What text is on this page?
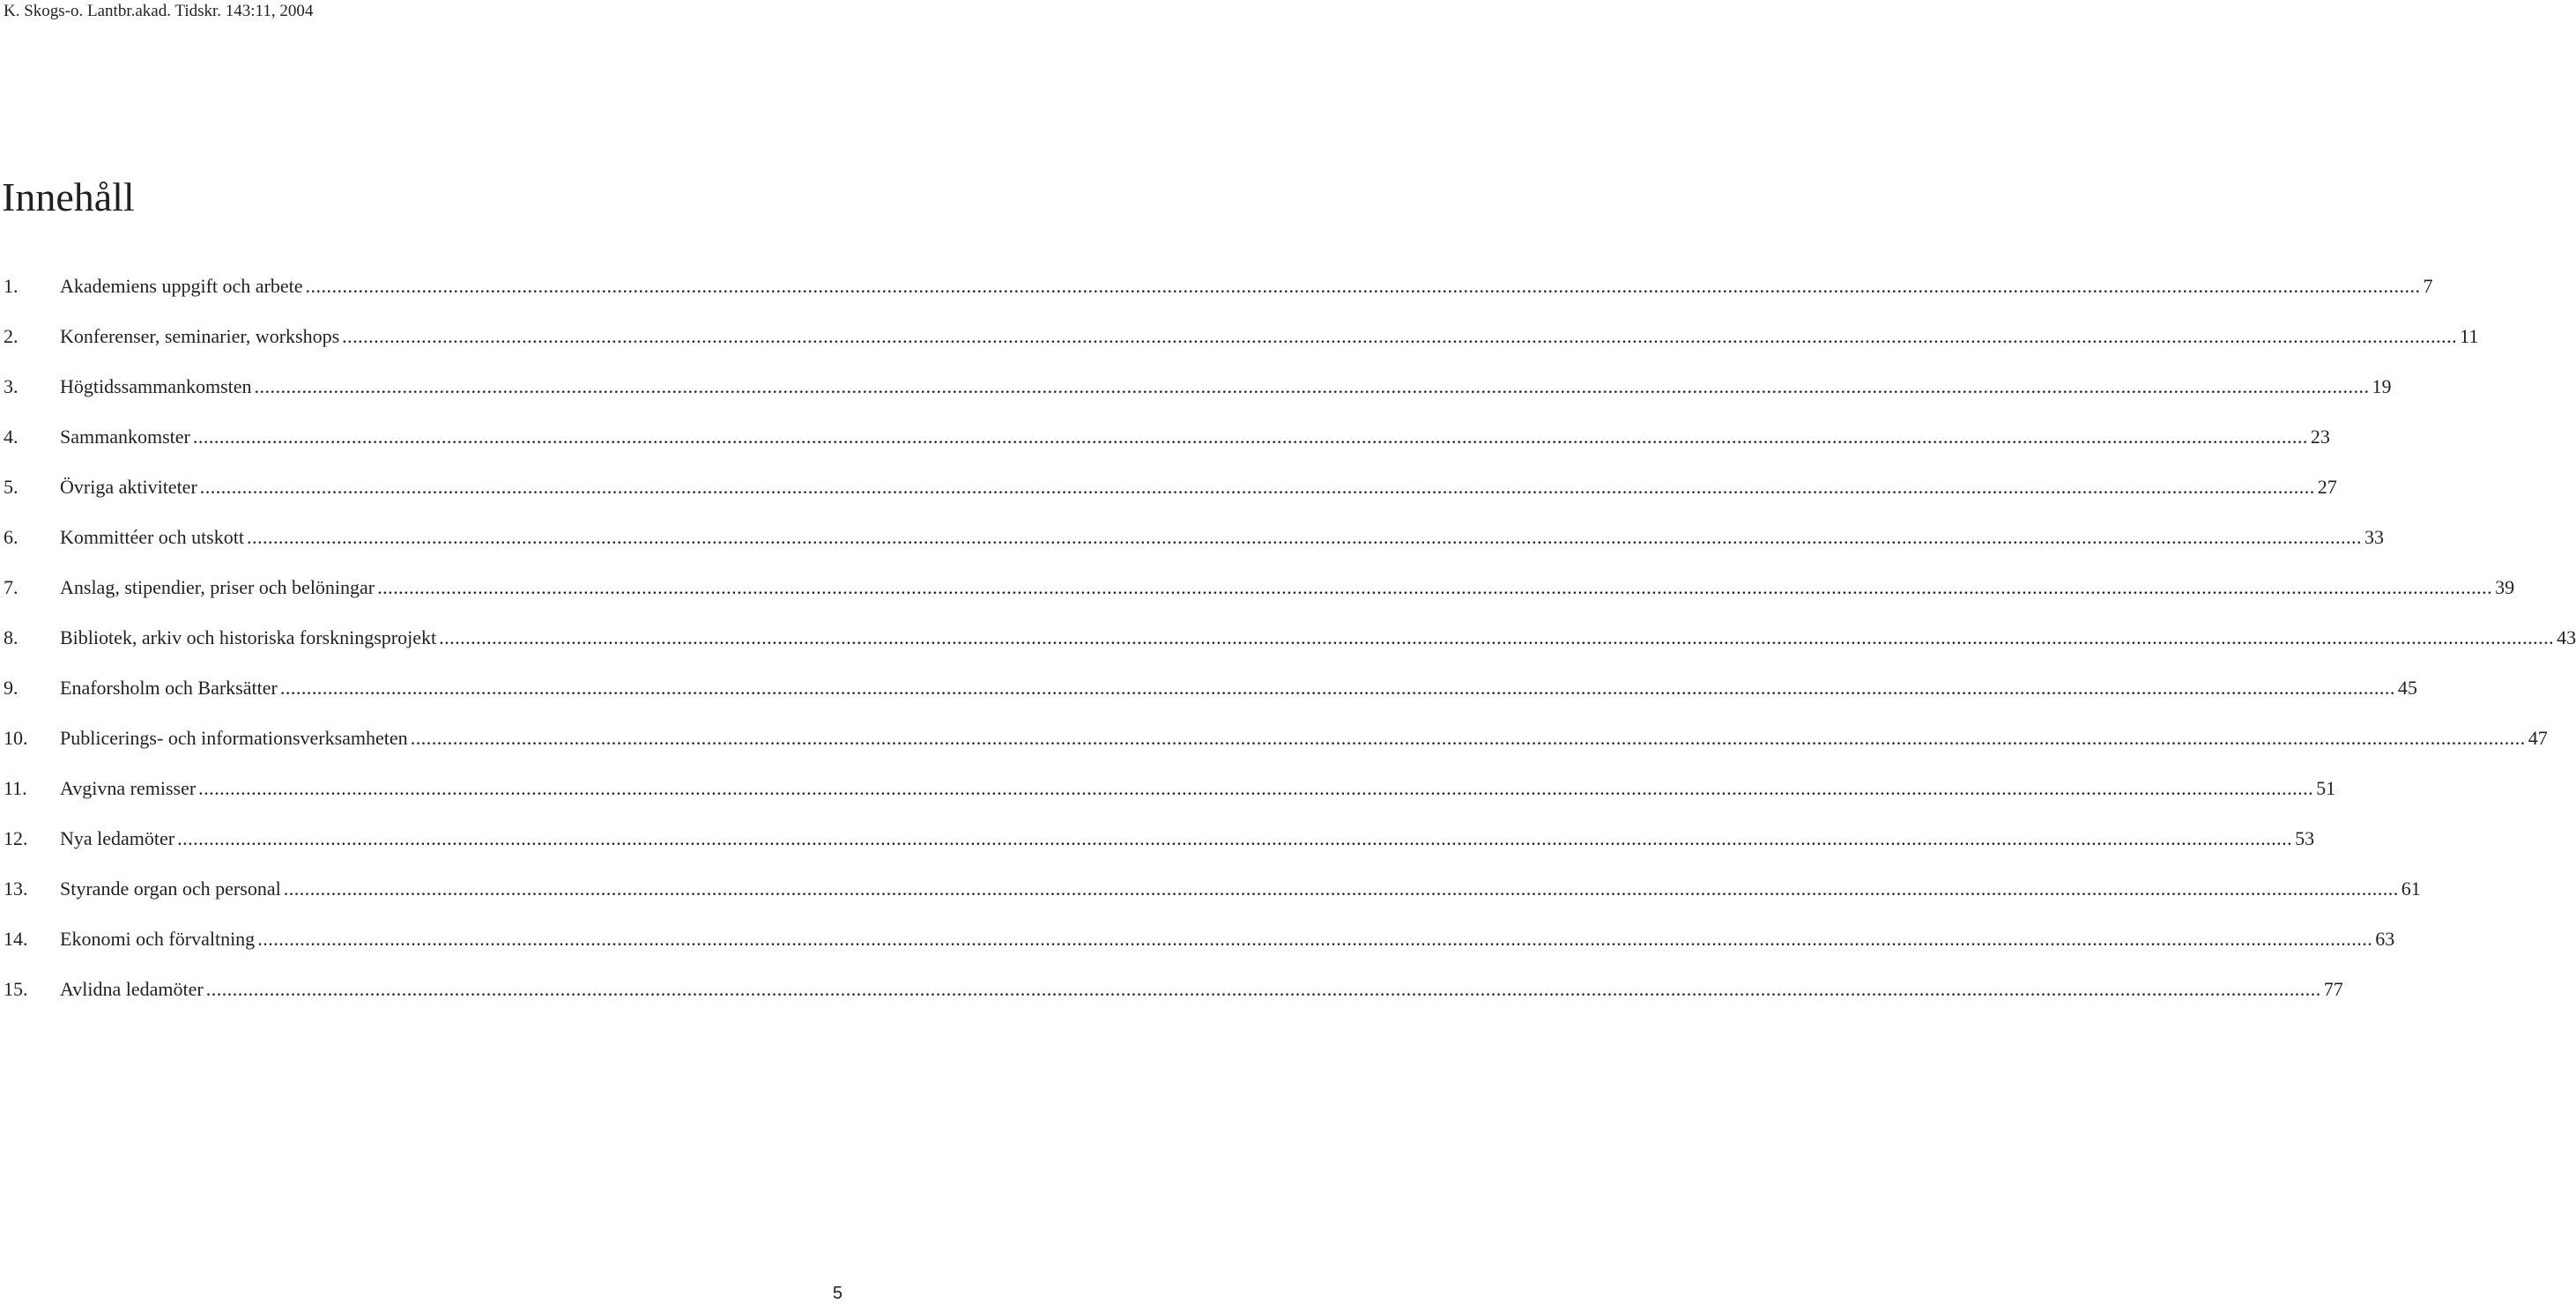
K. Skogs-o. Lantbr.akad. Tidskr. 143:11, 2004
Innehåll
1.	Akademiens uppgift och arbete ................................................................................................................................................................................................................................................................................................................................................................................................................ 7
2.	Konferenser, seminarier, workshops ................................................................................................................................................................................................................................................................................................................................................................................................................ 11
3.	Högtidssammankomsten ................................................................................................................................................................................................................................................................................................................................................................................................................ 19
4.	Sammankomster ................................................................................................................................................................................................................................................................................................................................................................................................................ 23
5.	Övriga aktiviteter ................................................................................................................................................................................................................................................................................................................................................................................................................ 27
6.	Kommittéer och utskott ................................................................................................................................................................................................................................................................................................................................................................................................................ 33
7.	Anslag, stipendier, priser och belöningar ................................................................................................................................................................................................................................................................................................................................................................................................................ 39
8.	Bibliotek, arkiv och historiska forskningsprojekt ................................................................................................................................................................................................................................................................................................................................................................................................................ 43
9.	Enaforsholm och Barksätter ................................................................................................................................................................................................................................................................................................................................................................................................................ 45
10.	Publicerings- och informationsverksamheten ................................................................................................................................................................................................................................................................................................................................................................................................................ 47
11.	Avgivna remisser ................................................................................................................................................................................................................................................................................................................................................................................................................ 51
12.	Nya ledamöter ................................................................................................................................................................................................................................................................................................................................................................................................................ 53
13.	Styrande organ och personal ................................................................................................................................................................................................................................................................................................................................................................................................................ 61
14.	Ekonomi och förvaltning ................................................................................................................................................................................................................................................................................................................................................................................................................ 63
15.	Avlidna ledamöter ................................................................................................................................................................................................................................................................................................................................................................................................................ 77
5
